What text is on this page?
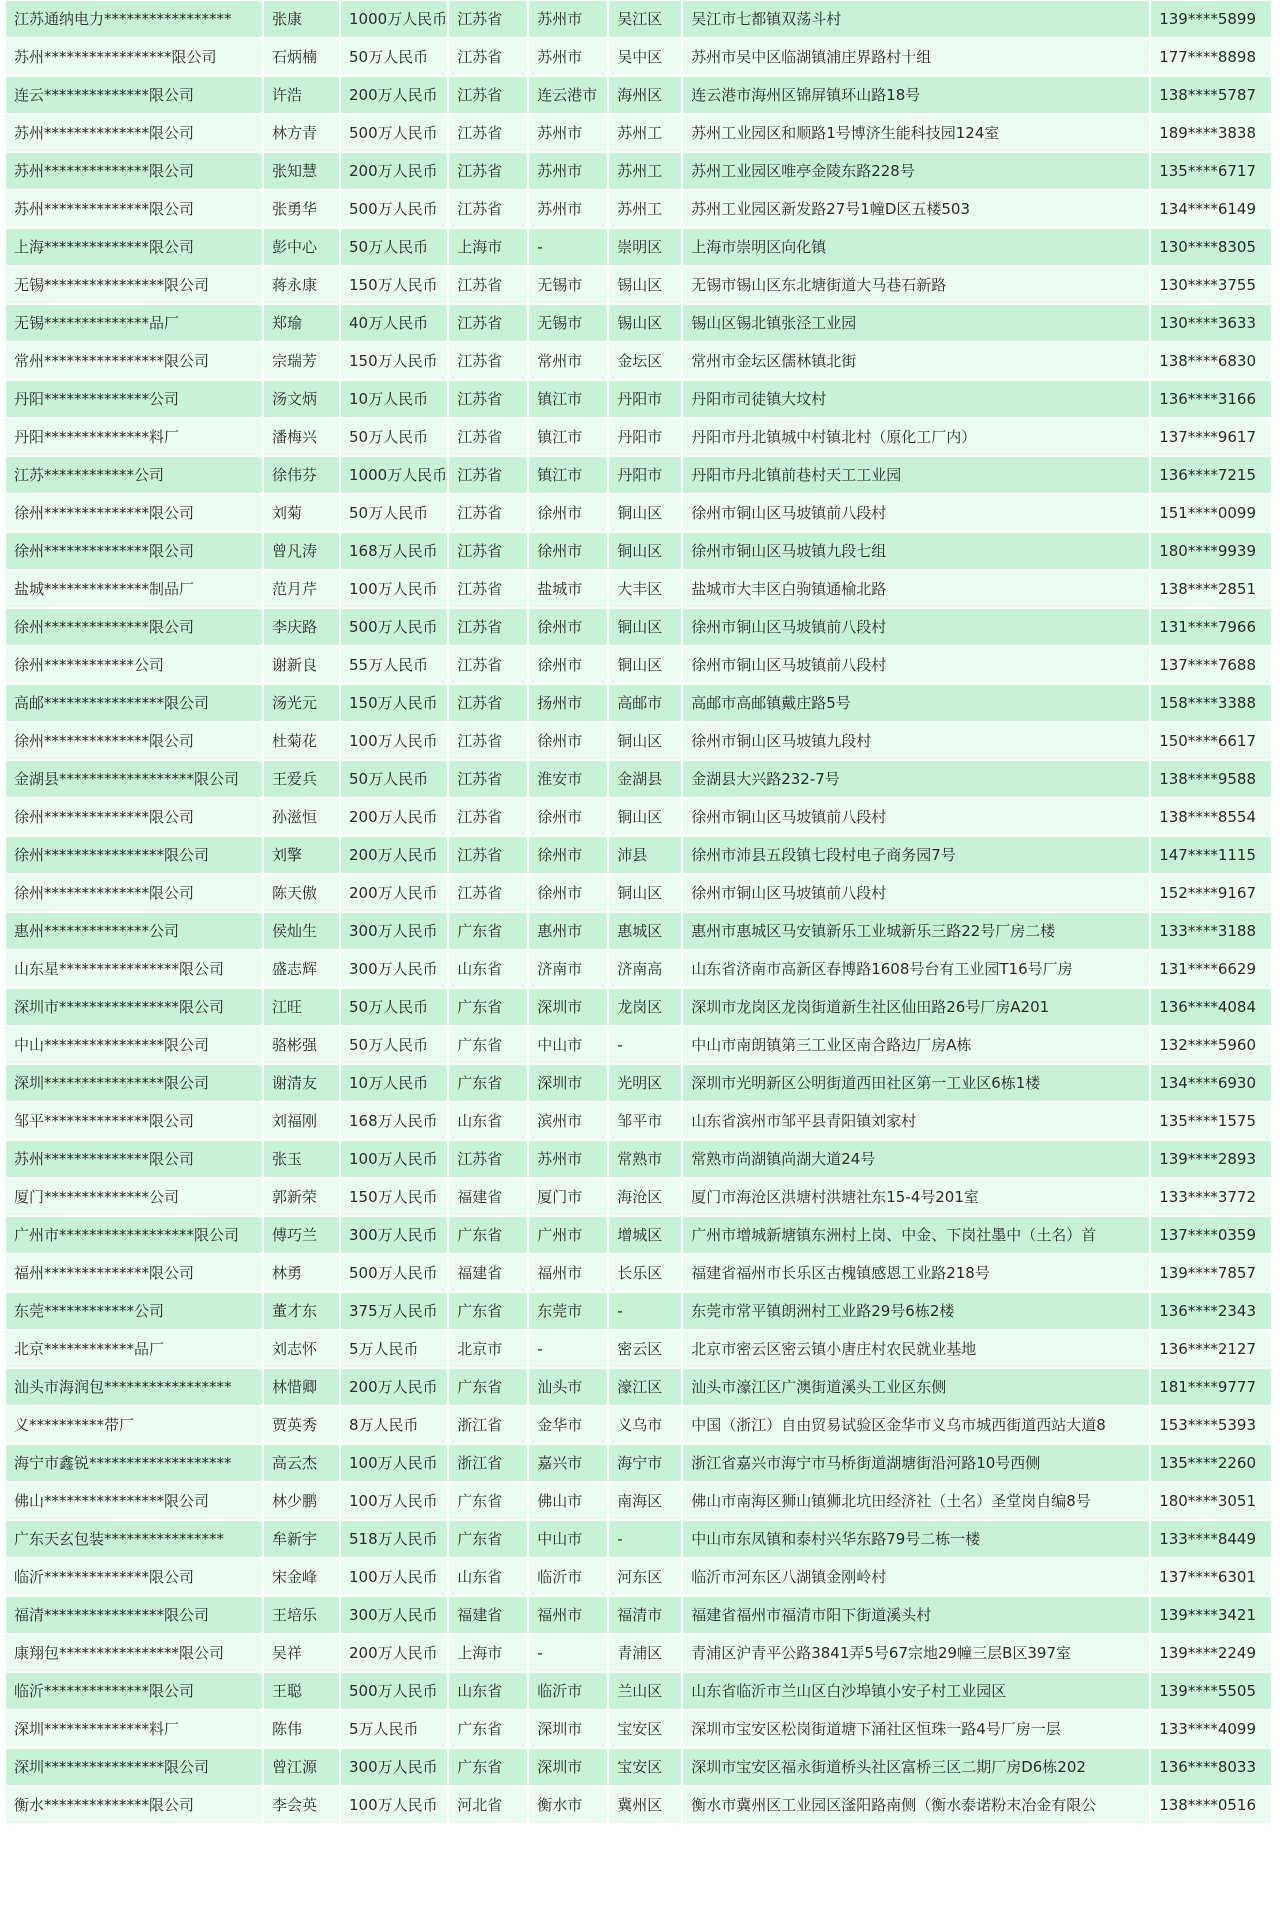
江苏通纳电力*****************	张康	1000万人民币	江苏省	苏州市	吴江区	吴江市七都镇双荡斗村	139****5899
苏州*****************限公司	石炳楠	50万人民币	江苏省	苏州市	吴中区	苏州市吴中区临湖镇浦庄界路村十组	177****8898
连云**************限公司	许浩	200万人民币	江苏省	连云港市	海州区	连云港市海州区锦屏镇环山路18号	138****5787
苏州**************限公司	林方青	500万人民币	江苏省	苏州市	苏州工	苏州工业园区和顺路1号博济生能科技园124室	189****3838
苏州**************限公司	张知慧	200万人民币	江苏省	苏州市	苏州工	苏州工业园区唯亭金陵东路228号	135****6717
苏州**************限公司	张勇华	500万人民币	江苏省	苏州市	苏州工	苏州工业园区新发路27号1幢D区五楼503	134****6149
上海**************限公司	彭中心	50万人民币	上海市	-	崇明区	上海市崇明区向化镇	130****8305
无锡****************限公司	蒋永康	150万人民币	江苏省	无锡市	锡山区	无锡市锡山区东北塘街道大马巷石新路	130****3755
无锡**************品厂	郑瑜	40万人民币	江苏省	无锡市	锡山区	锡山区锡北镇张泾工业园	130****3633
常州****************限公司	宗瑞芳	150万人民币	江苏省	常州市	金坛区	常州市金坛区儒林镇北街	138****6830
丹阳**************公司	汤文炳	10万人民币	江苏省	镇江市	丹阳市	丹阳市司徒镇大坟村	136****3166
丹阳**************料厂	潘梅兴	50万人民币	江苏省	镇江市	丹阳市	丹阳市丹北镇城中村镇北村（原化工厂内）	137****9617
江苏************公司	徐伟芬	1000万人民币	江苏省	镇江市	丹阳市	丹阳市丹北镇前巷村天工工业园	136****7215
徐州**************限公司	刘菊	50万人民币	江苏省	徐州市	铜山区	徐州市铜山区马坡镇前八段村	151****0099
徐州**************限公司	曾凡涛	168万人民币	江苏省	徐州市	铜山区	徐州市铜山区马坡镇九段七组	180****9939
盐城**************制品厂	范月芹	100万人民币	江苏省	盐城市	大丰区	盐城市大丰区白驹镇通榆北路	138****2851
徐州**************限公司	李庆路	500万人民币	江苏省	徐州市	铜山区	徐州市铜山区马坡镇前八段村	131****7966
徐州************公司	谢新良	55万人民币	江苏省	徐州市	铜山区	徐州市铜山区马坡镇前八段村	137****7688
高邮****************限公司	汤光元	150万人民币	江苏省	扬州市	高邮市	高邮市高邮镇戴庄路5号	158****3388
徐州**************限公司	杜菊花	100万人民币	江苏省	徐州市	铜山区	徐州市铜山区马坡镇九段村	150****6617
金湖县******************限公司	王爱兵	50万人民币	江苏省	淮安市	金湖县	金湖县大兴路232-7号	138****9588
徐州**************限公司	孙滋恒	200万人民币	江苏省	徐州市	铜山区	徐州市铜山区马坡镇前八段村	138****8554
徐州****************限公司	刘擎	200万人民币	江苏省	徐州市	沛县	徐州市沛县五段镇七段村电子商务园7号	147****1115
徐州**************限公司	陈天傲	200万人民币	江苏省	徐州市	铜山区	徐州市铜山区马坡镇前八段村	152****9167
惠州**************公司	侯灿生	300万人民币	广东省	惠州市	惠城区	惠州市惠城区马安镇新乐工业城新乐三路22号厂房二楼	133****3188
山东星****************限公司	盛志辉	300万人民币	山东省	济南市	济南高	山东省济南市高新区春博路1608号台有工业园T16号厂房	131****6629
深圳市****************限公司	江旺	50万人民币	广东省	深圳市	龙岗区	深圳市龙岗区龙岗街道新生社区仙田路26号厂房A201	136****4084
中山****************限公司	骆彬强	50万人民币	广东省	中山市	-	中山市南朗镇第三工业区南合路边厂房A栋	132****5960
深圳****************限公司	谢清友	10万人民币	广东省	深圳市	光明区	深圳市光明新区公明街道西田社区第一工业区6栋1楼	134****6930
邹平**************限公司	刘福刚	168万人民币	山东省	滨州市	邹平市	山东省滨州市邹平县青阳镇刘家村	135****1575
苏州**************限公司	张玉	100万人民币	江苏省	苏州市	常熟市	常熟市尚湖镇尚湖大道24号	139****2893
厦门**************公司	郭新荣	150万人民币	福建省	厦门市	海沧区	厦门市海沧区洪塘村洪塘社东15-4号201室	133****3772
广州市******************限公司	傅巧兰	300万人民币	广东省	广州市	增城区	广州市增城新塘镇东洲村上岗、中金、下岗社墨中（土名）首	137****0359
福州**************限公司	林勇	500万人民币	福建省	福州市	长乐区	福建省福州市长乐区古槐镇感恩工业路218号	139****7857
东莞************公司	董才东	375万人民币	广东省	东莞市	-	东莞市常平镇朗洲村工业路29号6栋2楼	136****2343
北京************品厂	刘志怀	5万人民币	北京市	-	密云区	北京市密云区密云镇小唐庄村农民就业基地	136****2127
汕头市海润包*****************	林惜卿	200万人民币	广东省	汕头市	濠江区	汕头市濠江区广澳街道溪头工业区东侧	181****9777
义**********带厂	贾英秀	8万人民币	浙江省	金华市	义乌市	中国（浙江）自由贸易试验区金华市义乌市城西街道西站大道8	153****5393
海宁市鑫锐*******************	高云杰	100万人民币	浙江省	嘉兴市	海宁市	浙江省嘉兴市海宁市马桥街道湖塘街沿河路10号西侧	135****2260
佛山****************限公司	林少鹏	100万人民币	广东省	佛山市	南海区	佛山市南海区狮山镇狮北坑田经济社（土名）圣堂岗自编8号	180****3051
广东天玄包装****************	牟新宇	518万人民币	广东省	中山市	-	中山市东凤镇和泰村兴华东路79号二栋一楼	133****8449
临沂**************限公司	宋金峰	100万人民币	山东省	临沂市	河东区	临沂市河东区八湖镇金刚岭村	137****6301
福清****************限公司	王培乐	300万人民币	福建省	福州市	福清市	福建省福州市福清市阳下街道溪头村	139****3421
康翔包****************限公司	吴祥	200万人民币	上海市	-	青浦区	青浦区沪青平公路3841弄5号67宗地29幢三层B区397室	139****2249
临沂**************限公司	王聪	500万人民币	山东省	临沂市	兰山区	山东省临沂市兰山区白沙埠镇小安子村工业园区	139****5505
深圳**************料厂	陈伟	5万人民币	广东省	深圳市	宝安区	深圳市宝安区松岗街道塘下涌社区恒珠一路4号厂房一层	133****4099
深圳****************限公司	曾江源	300万人民币	广东省	深圳市	宝安区	深圳市宝安区福永街道桥头社区富桥三区二期厂房D6栋202	136****8033
衡水**************限公司	李会英	100万人民币	河北省	衡水市	冀州区	衡水市冀州区工业园区滏阳路南侧（衡水泰诺粉末冶金有限公	138****0516
